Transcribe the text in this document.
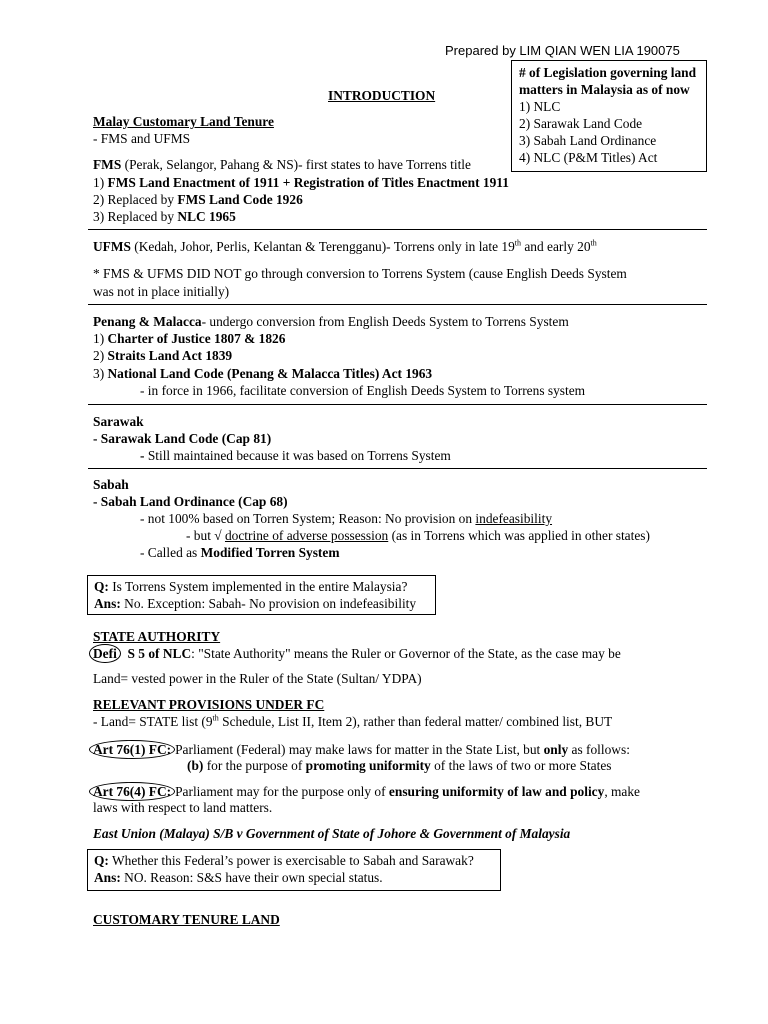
Prepared by LIM QIAN WEN LIA 190075
INTRODUCTION
# of Legislation governing land
matters in Malaysia as of now
1) NLC
2) Sarawak Land Code
3) Sabah Land Ordinance
4) NLC (P&M Titles) Act
Malay Customary Land Tenure
- FMS and UFMS
FMS (Perak, Selangor, Pahang & NS)- first states to have Torrens title
1) FMS Land Enactment of 1911 + Registration of Titles Enactment 1911
2) Replaced by FMS Land Code 1926
3) Replaced by NLC 1965
UFMS (Kedah, Johor, Perlis, Kelantan & Terengganu)- Torrens only in late 19th and early 20th
* FMS & UFMS DID NOT go through conversion to Torrens System (cause English Deeds System
was not in place initially)
Penang & Malacca- undergo conversion from English Deeds System to Torrens System
1) Charter of Justice 1807 & 1826
2) Straits Land Act 1839
3) National Land Code (Penang & Malacca Titles) Act 1963
- in force in 1966, facilitate conversion of English Deeds System to Torrens system
Sarawak
- Sarawak Land Code (Cap 81)
- Still maintained because it was based on Torrens System
Sabah
- Sabah Land Ordinance (Cap 68)
- not 100% based on Torren System; Reason: No provision on indefeasibility
- but √ doctrine of adverse possession (as in Torrens which was applied in other states)
- Called as Modified Torren System
Q: Is Torrens System implemented in the entire Malaysia?
Ans: No. Exception: Sabah- No provision on indefeasibility
STATE AUTHORITY
Defi S 5 of NLC: "State Authority" means the Ruler or Governor of the State, as the case may be
Land= vested power in the Ruler of the State (Sultan/ YDPA)
RELEVANT PROVISIONS UNDER FC
- Land= STATE list (9th Schedule, List II, Item 2), rather than federal matter/ combined list, BUT
Art 76(1) FC: Parliament (Federal) may make laws for matter in the State List, but only as follows:
(b) for the purpose of promoting uniformity of the laws of two or more States
Art 76(4) FC: Parliament may for the purpose only of ensuring uniformity of law and policy, make
laws with respect to land matters.
East Union (Malaya) S/B v Government of State of Johore & Government of Malaysia
Q: Whether this Federal’s power is exercisable to Sabah and Sarawak?
Ans: NO. Reason: S&S have their own special status.
CUSTOMARY TENURE LAND
